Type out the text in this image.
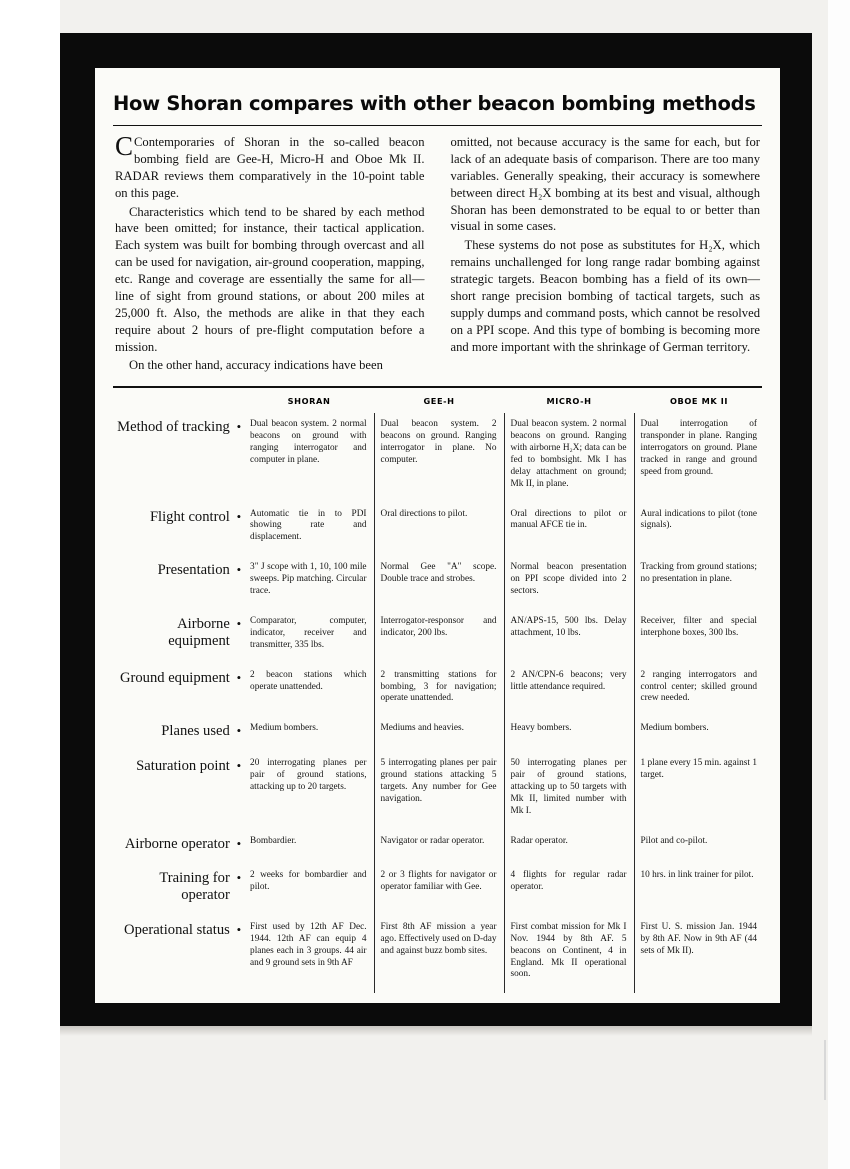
How Shoran compares with other beacon bombing methods

C Contemporaries of Shoran in the so-called beacon bombing field are Gee-H, Micro-H and Oboe Mk II. RADAR reviews them comparatively in the 10-point table on this page.

Characteristics which tend to be shared by each method have been omitted; for instance, their tactical application. Each system was built for bombing through overcast and all can be used for navigation, air-ground cooperation, mapping, etc. Range and coverage are essentially the same for all—line of sight from ground stations, or about 200 miles at 25,000 ft. Also, the methods are alike in that they each require about 2 hours of pre-flight computation before a mission.

On the other hand, accuracy indications have been

omitted, not because accuracy is the same for each, but for lack of an adequate basis of comparison. There are too many variables. Generally speaking, their accuracy is somewhere between direct H₂X bombing at its best and visual, although Shoran has been demonstrated to be equal to or better than visual in some cases.

These systems do not pose as substitutes for H₂X, which remains unchallenged for long range radar bombing against strategic targets. Beacon bombing has a field of its own—short range precision bombing of tactical targets, such as supply dumps and command posts, which cannot be resolved on a PPI scope. And this type of bombing is becoming more and more important with the shrinkage of German territory.

		SHORAN	GEE-H	MICRO-H	OBOE MK II
Method of tracking	•	Dual beacon system. 2 normal beacons on ground with ranging interrogator and computer in plane.	Dual beacon system. 2 beacons on ground. Ranging interrogator in plane. No computer.	Dual beacon system. 2 normal beacons on ground. Ranging with airborne H₂X; data can be fed to bombsight. Mk I has delay attachment on ground; Mk II, in plane.	Dual interrogation of transponder in plane. Ranging interrogators on ground. Plane tracked in range and ground speed from ground.
Flight control	•	Automatic tie in to PDI showing rate and displacement.	Oral directions to pilot.	Oral directions to pilot or manual AFCE tie in.	Aural indications to pilot (tone signals).
Presentation	•	3" J scope with 1, 10, 100 mile sweeps. Pip matching. Circular trace.	Normal Gee "A" scope. Double trace and strobes.	Normal beacon presentation on PPI scope divided into 2 sectors.	Tracking from ground stations; no presentation in plane.
Airborne equipment	•	Comparator, computer, indicator, receiver and transmitter, 335 lbs.	Interrogator-responsor and indicator, 200 lbs.	AN/APS-15, 500 lbs. Delay attachment, 10 lbs.	Receiver, filter and special interphone boxes, 300 lbs.
Ground equipment	•	2 beacon stations which operate unattended.	2 transmitting stations for bombing, 3 for navigation; operate unattended.	2 AN/CPN-6 beacons; very little attendance required.	2 ranging interrogators and control center; skilled ground crew needed.
Planes used	•	Medium bombers.	Mediums and heavies.	Heavy bombers.	Medium bombers.
Saturation point	•	20 interrogating planes per pair of ground stations, attacking up to 20 targets.	5 interrogating planes per pair ground stations attacking 5 targets. Any number for Gee navigation.	50 interrogating planes per pair of ground stations, attacking up to 50 targets with Mk II, limited number with Mk I.	1 plane every 15 min. against 1 target.
Airborne operator	•	Bombardier.	Navigator or radar operator.	Radar operator.	Pilot and co-pilot.
Training for operator	•	2 weeks for bombardier and pilot.	2 or 3 flights for navigator or operator familiar with Gee.	4 flights for regular radar operator.	10 hrs. in link trainer for pilot.
Operational status	•	First used by 12th AF Dec. 1944. 12th AF can equip 4 planes each in 3 groups. 44 air and 9 ground sets in 9th AF	First 8th AF mission a year ago. Effectively used on D-day and against buzz bomb sites.	First combat mission for Mk I Nov. 1944 by 8th AF. 5 beacons on Continent, 4 in England. Mk II operational soon.	First U. S. mission Jan. 1944 by 8th AF. Now in 9th AF (44 sets of Mk II).
